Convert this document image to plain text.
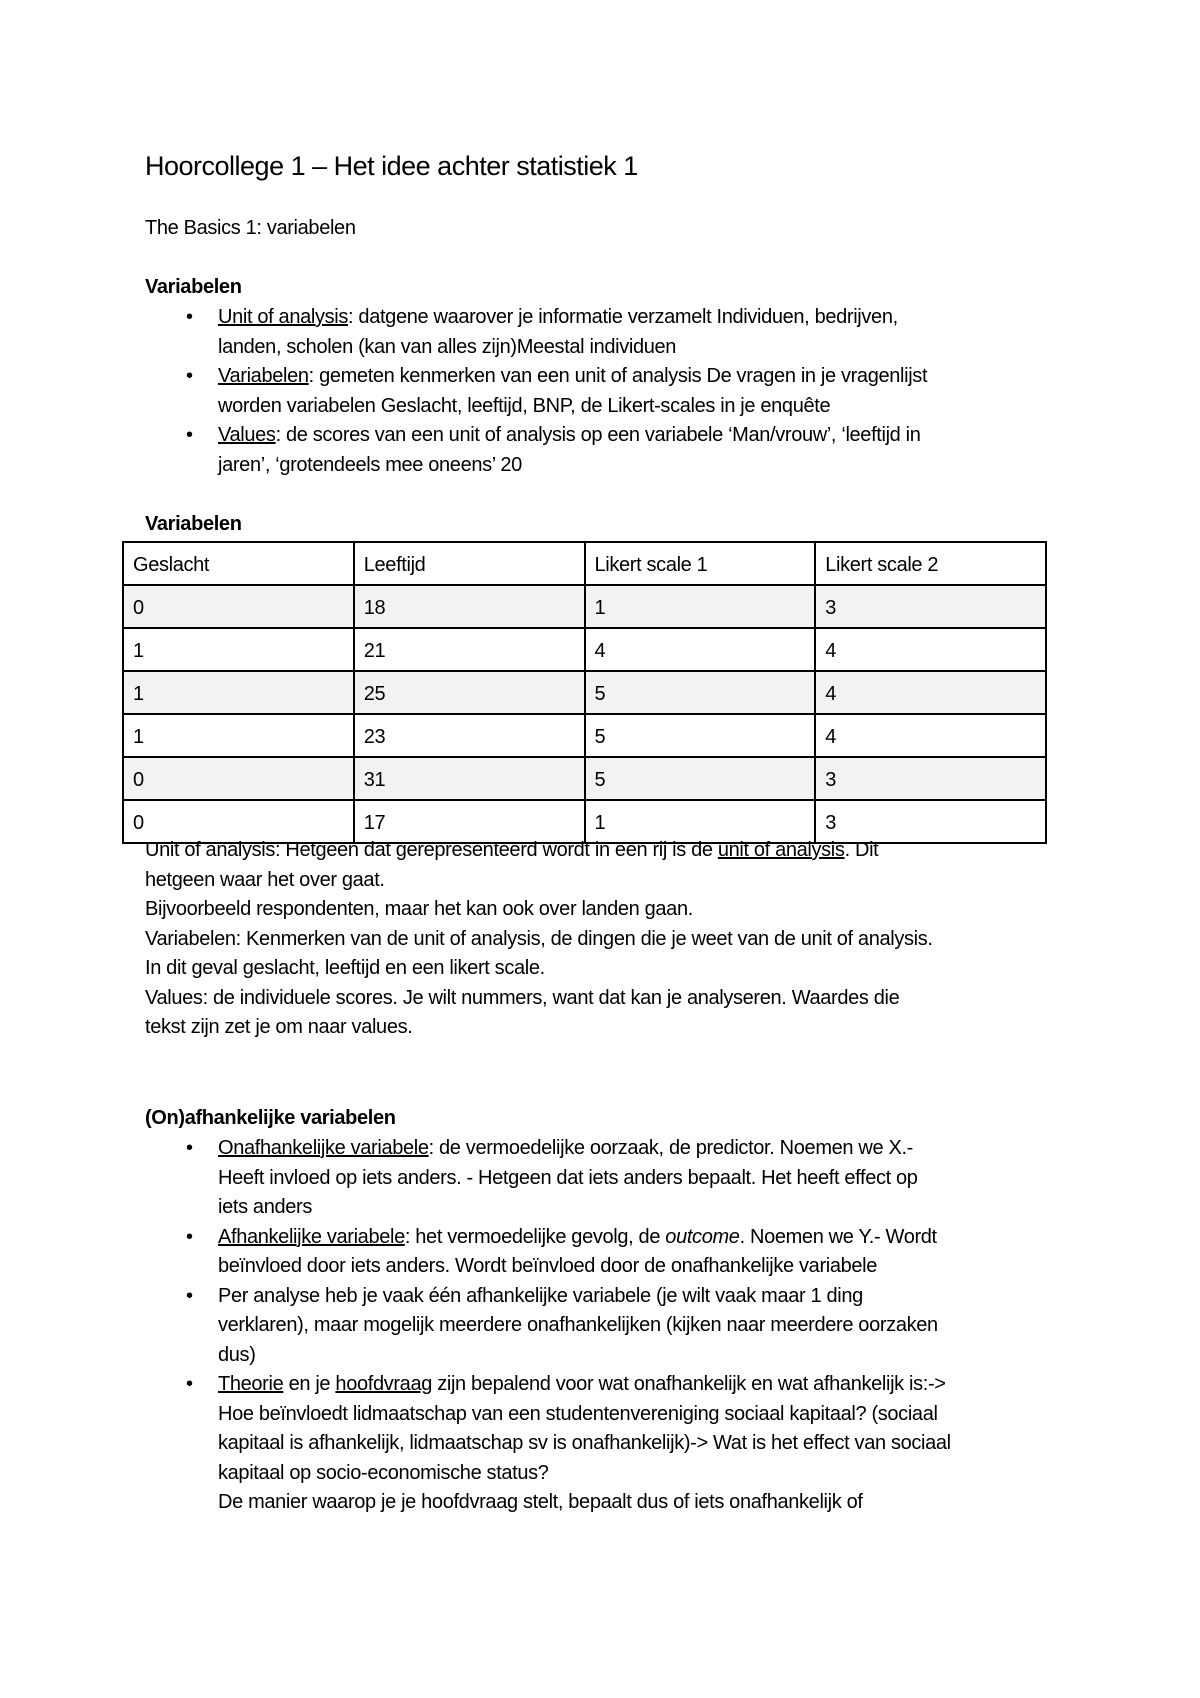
Hoorcollege 1 – Het idee achter statistiek 1
The Basics 1: variabelen
Variabelen
• Unit of analysis: datgene waarover je informatie verzamelt Individuen, bedrijven,
landen, scholen (kan van alles zijn)Meestal individuen
• Variabelen: gemeten kenmerken van een unit of analysis De vragen in je vragenlijst
worden variabelen Geslacht, leeftijd, BNP, de Likert-scales in je enquête
• Values: de scores van een unit of analysis op een variabele ‘Man/vrouw’, ‘leeftijd in
jaren’, ‘grotendeels mee oneens’ 20
Variabelen
Geslacht	Leeftijd	Likert scale 1	Likert scale 2
0	18	1	3
1	21	4	4
1	25	5	4
1	23	5	4
0	31	5	3
0	17	1	3
Unit of analysis: Hetgeen dat gerepresenteerd wordt in een rij is de unit of analysis. Dit
hetgeen waar het over gaat.
Bijvoorbeeld respondenten, maar het kan ook over landen gaan.
Variabelen: Kenmerken van de unit of analysis, de dingen die je weet van de unit of analysis.
In dit geval geslacht, leeftijd en een likert scale.
Values: de individuele scores. Je wilt nummers, want dat kan je analyseren. Waardes die
tekst zijn zet je om naar values.
(On)afhankelijke variabelen
• Onafhankelijke variabele: de vermoedelijke oorzaak, de predictor. Noemen we X.-
Heeft invloed op iets anders. - Hetgeen dat iets anders bepaalt. Het heeft effect op
iets anders
• Afhankelijke variabele: het vermoedelijke gevolg, de outcome. Noemen we Y.- Wordt
beïnvloed door iets anders. Wordt beïnvloed door de onafhankelijke variabele
• Per analyse heb je vaak één afhankelijke variabele (je wilt vaak maar 1 ding
verklaren), maar mogelijk meerdere onafhankelijken (kijken naar meerdere oorzaken
dus)
• Theorie en je hoofdvraag zijn bepalend voor wat onafhankelijk en wat afhankelijk is:->
Hoe beïnvloedt lidmaatschap van een studentenvereniging sociaal kapitaal? (sociaal
kapitaal is afhankelijk, lidmaatschap sv is onafhankelijk)-> Wat is het effect van sociaal
kapitaal op socio-economische status?
De manier waarop je je hoofdvraag stelt, bepaalt dus of iets onafhankelijk of
